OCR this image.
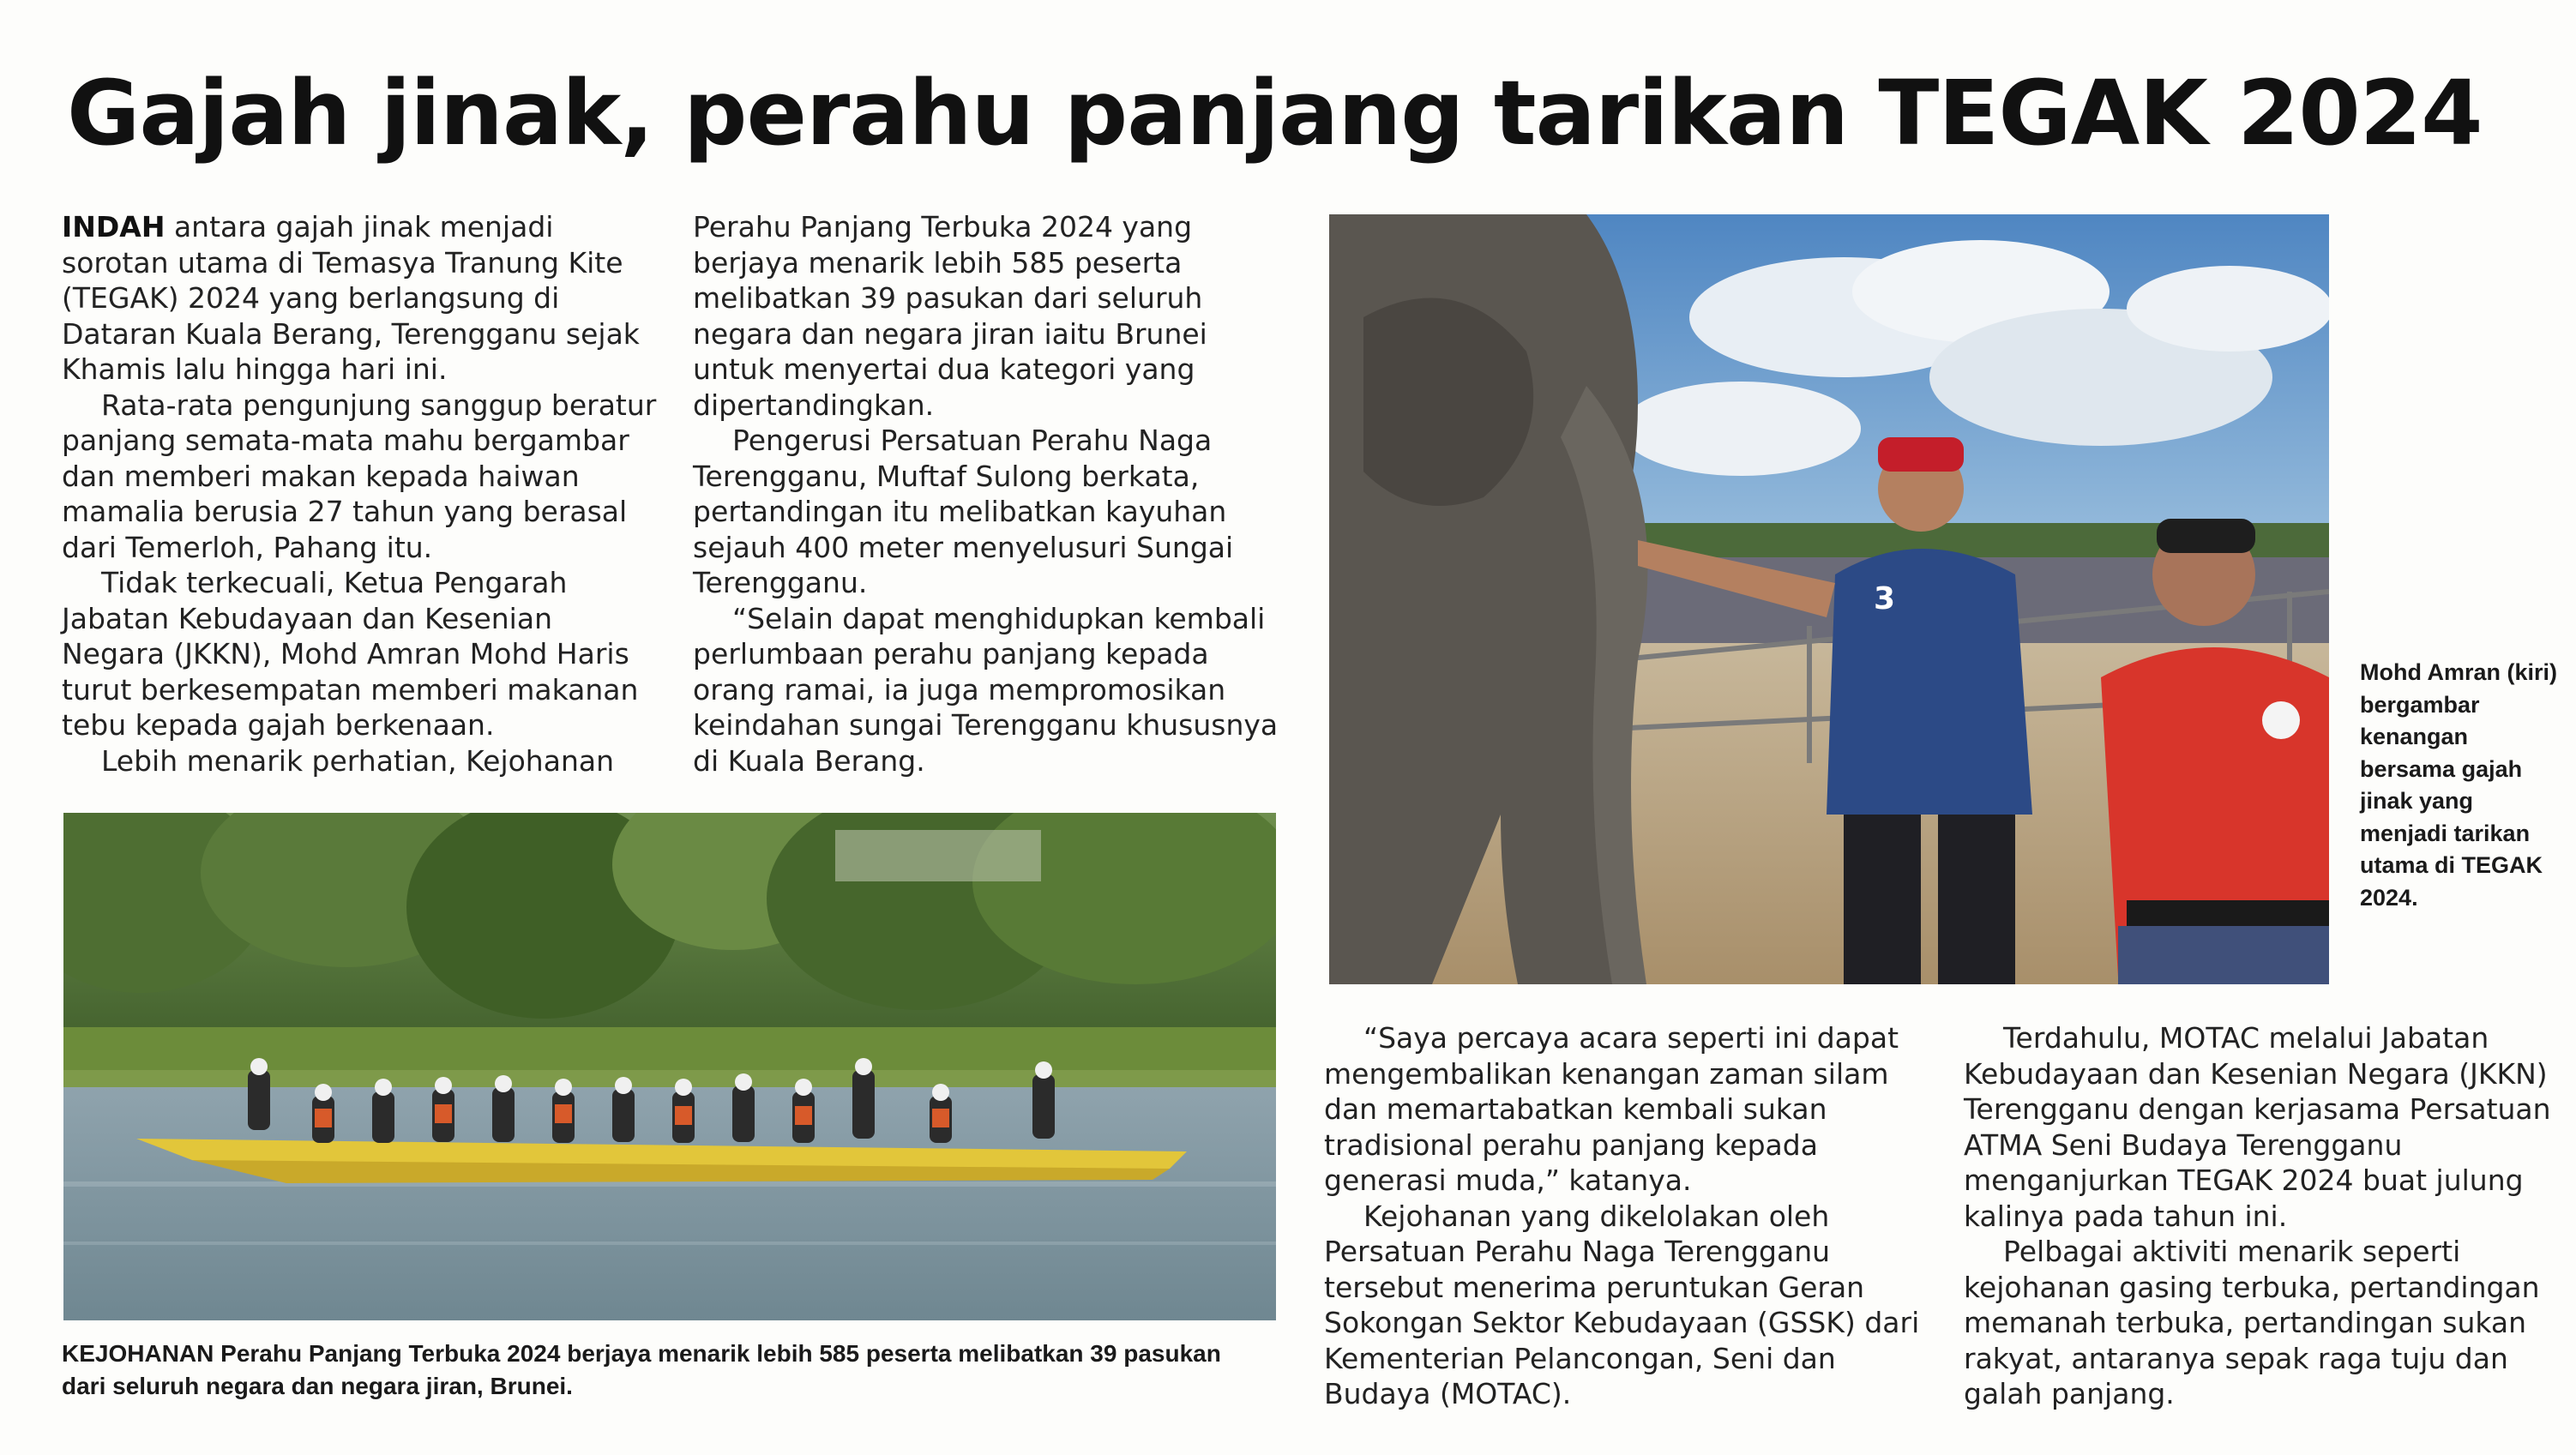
Gajah jinak, perahu panjang tarikan TEGAK 2024

INDAH antara gajah jinak menjadi sorotan utama di Temasya Tranung Kite (TEGAK) 2024 yang berlangsung di Dataran Kuala Berang, Terengganu sejak Khamis lalu hingga hari ini.

Rata-rata pengunjung sanggup beratur panjang semata-mata mahu bergambar dan memberi makan kepada haiwan mamalia berusia 27 tahun yang berasal dari Temerloh, Pahang itu.

Tidak terkecuali, Ketua Pengarah Jabatan Kebudayaan dan Kesenian Negara (JKKN), Mohd Amran Mohd Haris turut berkesempatan memberi makanan tebu kepada gajah berkenaan.

Lebih menarik perhatian, Kejohanan

Perahu Panjang Terbuka 2024 yang berjaya menarik lebih 585 peserta melibatkan 39 pasukan dari seluruh negara dan negara jiran iaitu Brunei untuk menyertai dua kategori yang dipertandingkan.

Pengerusi Persatuan Perahu Naga Terengganu, Muftaf Sulong berkata, pertandingan itu melibatkan kayuhan sejauh 400 meter menyelusuri Sungai Terengganu.

“Selain dapat menghidupkan kembali perlumbaan perahu panjang kepada orang ramai, ia juga mempromosikan keindahan sungai Terengganu khususnya di Kuala Berang.

KEJOHANAN Perahu Panjang Terbuka 2024 berjaya menarik lebih 585 peserta melibatkan 39 pasukan dari seluruh negara dan negara jiran, Brunei.
3
Mohd Amran (kiri) bergambar kenangan bersama gajah jinak yang menjadi tarikan utama di TEGAK 2024.

“Saya percaya acara seperti ini dapat mengembalikan kenangan zaman silam dan memartabatkan kembali sukan tradisional perahu panjang kepada generasi muda,” katanya.

Kejohanan yang dikelolakan oleh Persatuan Perahu Naga Terengganu tersebut menerima peruntukan Geran Sokongan Sektor Kebudayaan (GSSK) dari Kementerian Pelancongan, Seni dan Budaya (MOTAC).

Terdahulu, MOTAC melalui Jabatan Kebudayaan dan Kesenian Negara (JKKN) Terengganu dengan kerjasama Persatuan ATMA Seni Budaya Terengganu menganjurkan TEGAK 2024 buat julung kalinya pada tahun ini.

Pelbagai aktiviti menarik seperti kejohanan gasing terbuka, pertandingan memanah terbuka, pertandingan sukan rakyat, antaranya sepak raga tuju dan galah panjang.
